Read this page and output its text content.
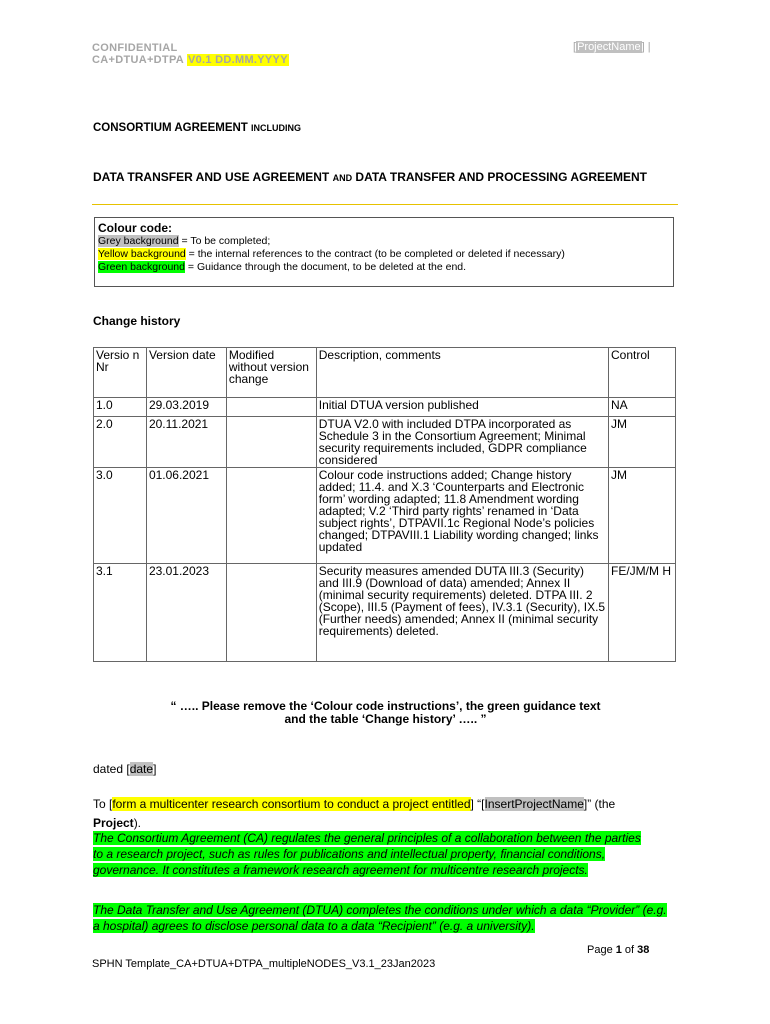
CONFIDENTIAL
CA+DTUA+DTPA V0.1 DD.MM.YYYY
[ProjectName] |
CONSORTIUM AGREEMENT INCLUDING
DATA TRANSFER AND USE AGREEMENT AND DATA TRANSFER AND PROCESSING AGREEMENT
Colour code:
Grey background = To be completed;
Yellow background = the internal references to the contract (to be completed or deleted if necessary)
Green background = Guidance through the document, to be deleted at the end.
Change history
Versio n Nr	Version date	Modified without version change	Description, comments	Control
1.0	29.03.2019		Initial DTUA version published	NA
2.0	20.11.2021		DTUA V2.0 with included DTPA incorporated as Schedule 3 in the Consortium Agreement; Minimal security requirements included, GDPR compliance considered	JM
3.0	01.06.2021		Colour code instructions added; Change history added; 11.4. and X.3 ‘Counterparts and Electronic form’ wording adapted; 11.8 Amendment wording adapted; V.2 ‘Third party rights’ renamed in ‘Data subject rights’, DTPAVII.1c Regional Node’s policies changed; DTPAVIII.1 Liability wording changed; links updated	JM
3.1	23.01.2023		Security measures amended DUTA III.3 (Security) and III.9 (Download of data) amended; Annex II (minimal security requirements) deleted. DTPA III. 2 (Scope), III.5 (Payment of fees), IV.3.1 (Security), IX.5 (Further needs) amended; Annex II (minimal security requirements) deleted.	FE/JM/M H
“ ….. Please remove the ‘Colour code instructions’, the green guidance text
and the table ‘Change history’ ….. ”
dated [date]
To [form a multicenter research consortium to conduct a project entitled] “[InsertProjectName]” (the
Project).
The Consortium Agreement (CA) regulates the general principles of a collaboration between the parties to a research project, such as rules for publications and intellectual property, financial conditions, governance. It constitutes a framework research agreement for multicentre research projects.
The Data Transfer and Use Agreement (DTUA) completes the conditions under which a data “Provider” (e.g. a hospital) agrees to disclose personal data to a data “Recipient” (e.g. a university).
Page 1 of 38
SPHN Template_CA+DTUA+DTPA_multipleNODES_V3.1_23Jan2023
